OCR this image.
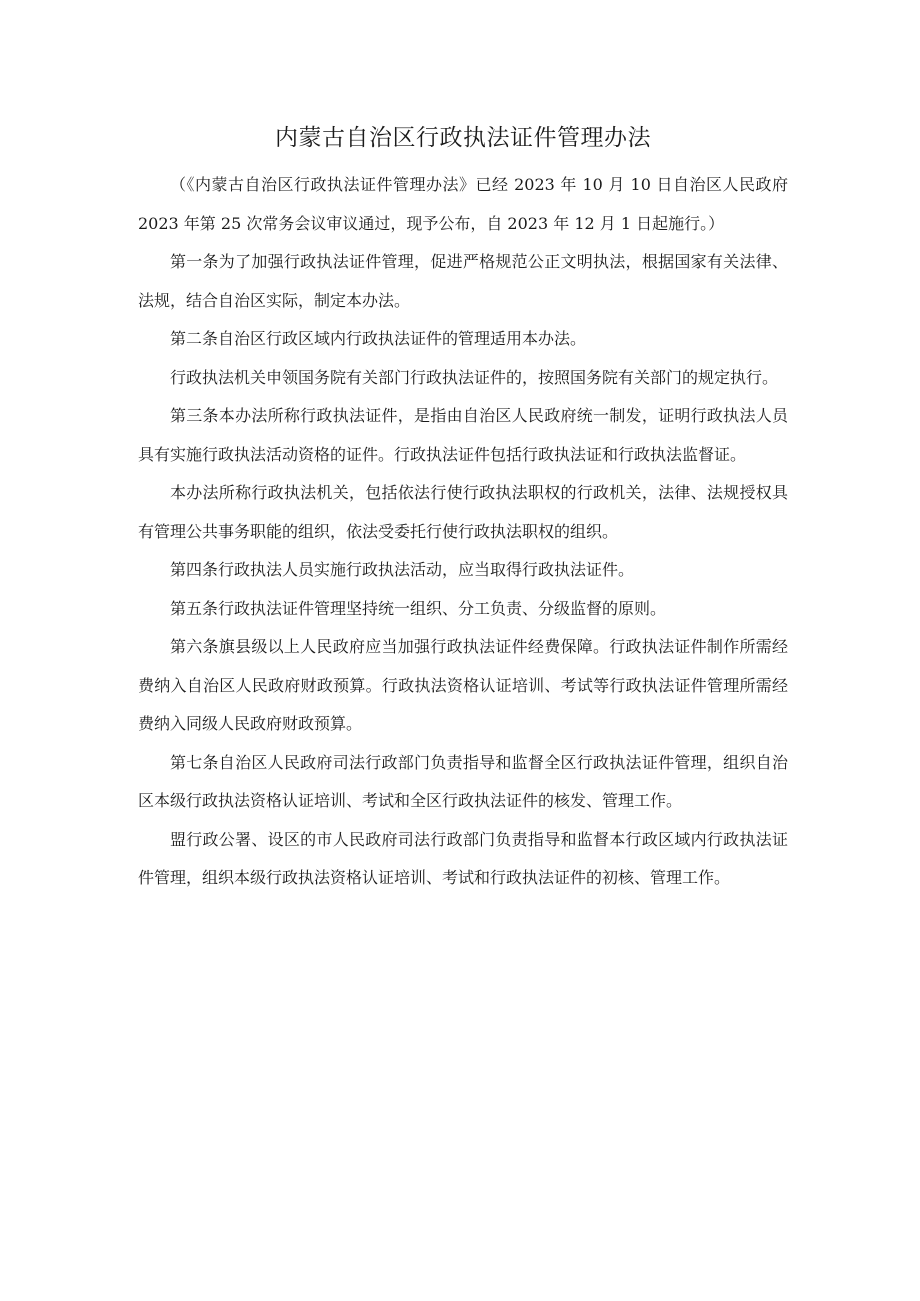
内蒙古自治区行政执法证件管理办法

（《内蒙古自治区行政执法证件管理办法》已经 2023 年 10 月 10 日自治区人民政府 2023 年第 25 次常务会议审议通过，现予公布，自 2023 年 12 月 1 日起施行。）

第一条为了加强行政执法证件管理，促进严格规范公正文明执法，根据国家有关法律、法规，结合自治区实际，制定本办法。

第二条自治区行政区域内行政执法证件的管理适用本办法。

行政执法机关申领国务院有关部门行政执法证件的，按照国务院有关部门的规定执行。

第三条本办法所称行政执法证件，是指由自治区人民政府统一制发，证明行政执法人员具有实施行政执法活动资格的证件。行政执法证件包括行政执法证和行政执法监督证。

本办法所称行政执法机关，包括依法行使行政执法职权的行政机关，法律、法规授权具有管理公共事务职能的组织，依法受委托行使行政执法职权的组织。

第四条行政执法人员实施行政执法活动，应当取得行政执法证件。

第五条行政执法证件管理坚持统一组织、分工负责、分级监督的原则。

第六条旗县级以上人民政府应当加强行政执法证件经费保障。行政执法证件制作所需经费纳入自治区人民政府财政预算。行政执法资格认证培训、考试等行政执法证件管理所需经费纳入同级人民政府财政预算。

第七条自治区人民政府司法行政部门负责指导和监督全区行政执法证件管理，组织自治区本级行政执法资格认证培训、考试和全区行政执法证件的核发、管理工作。

盟行政公署、设区的市人民政府司法行政部门负责指导和监督本行政区域内行政执法证件管理，组织本级行政执法资格认证培训、考试和行政执法证件的初核、管理工作。
